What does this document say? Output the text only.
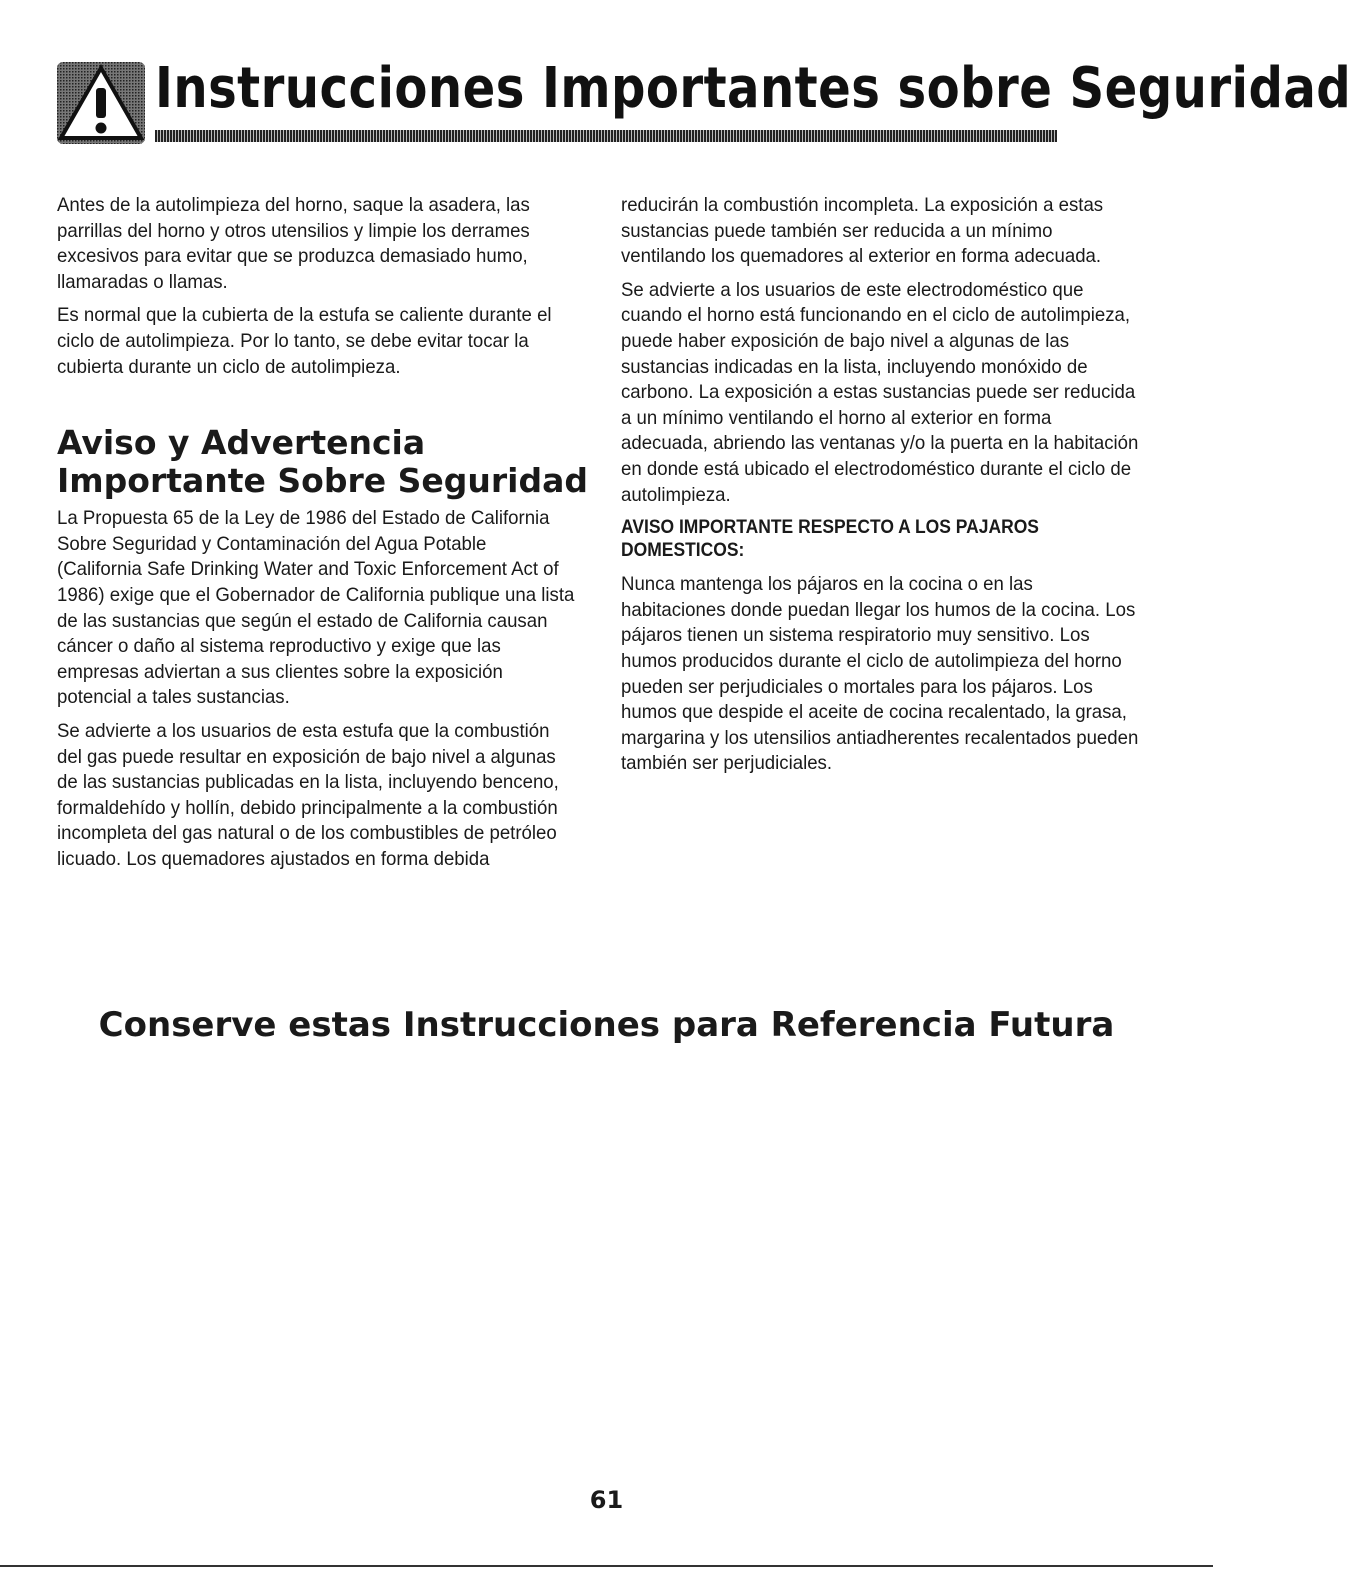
Instrucciones Importantes sobre Seguridad

Antes de la autolimpieza del horno, saque la asadera, las parrillas del horno y otros utensilios y limpie los derrames excesivos para evitar que se produzca demasiado humo, llamaradas o llamas.

Es normal que la cubierta de la estufa se caliente durante el ciclo de autolimpieza. Por lo tanto, se debe evitar tocar la cubierta durante un ciclo de autolimpieza.

Aviso y Advertencia
Importante Sobre Seguridad

La Propuesta 65 de la Ley de 1986 del Estado de California Sobre Seguridad y Contaminación del Agua Potable (California Safe Drinking Water and Toxic Enforcement Act of 1986) exige que el Gobernador de California publique una lista de las sustancias que según el estado de California causan cáncer o daño al sistema reproductivo y exige que las empresas adviertan a sus clientes sobre la exposición potencial a tales sustancias.

Se advierte a los usuarios de esta estufa que la combustión del gas puede resultar en exposición de bajo nivel a algunas de las sustancias publicadas en la lista, incluyendo benceno, formaldehído y hollín, debido principalmente a la combustión incompleta del gas natural o de los combustibles de petróleo licuado. Los quemadores ajustados en forma debida

reducirán la combustión incompleta. La exposición a estas sustancias puede también ser reducida a un mínimo ventilando los quemadores al exterior en forma adecuada.

Se advierte a los usuarios de este electrodoméstico que cuando el horno está funcionando en el ciclo de autolimpieza, puede haber exposición de bajo nivel a algunas de las sustancias indicadas en la lista, incluyendo monóxido de carbono. La exposición a estas sustancias puede ser reducida a un mínimo ventilando el horno al exterior en forma adecuada, abriendo las ventanas y/o la puerta en la habitación en donde está ubicado el electrodoméstico durante el ciclo de autolimpieza.

AVISO IMPORTANTE RESPECTO A LOS PAJAROS DOMESTICOS:

Nunca mantenga los pájaros en la cocina o en las habitaciones donde puedan llegar los humos de la cocina. Los pájaros tienen un sistema respiratorio muy sensitivo. Los humos producidos durante el ciclo de autolimpieza del horno pueden ser perjudiciales o mortales para los pájaros. Los humos que despide el aceite de cocina recalentado, la grasa, margarina y los utensilios antiadherentes recalentados pueden también ser perjudiciales.

Conserve estas Instrucciones para Referencia Futura
61
